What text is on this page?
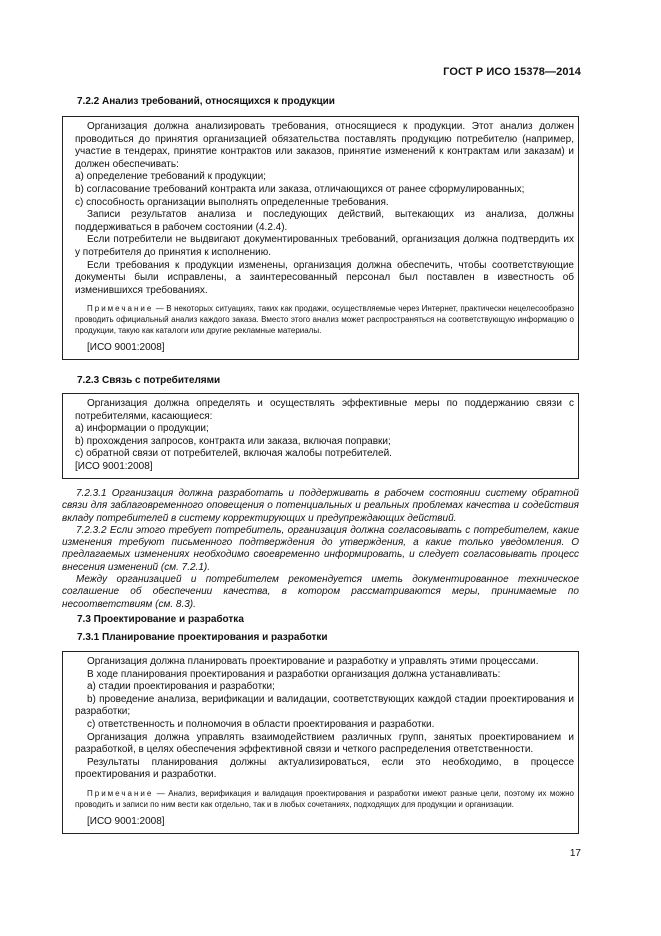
ГОСТ Р ИСО 15378—2014
7.2.2 Анализ требований, относящихся к продукции

Организация должна анализировать требования, относящиеся к продукции. Этот анализ должен проводиться до принятия организацией обязательства поставлять продукцию потребителю (например, участие в тендерах, принятие контрактов или заказов, принятие изменений к контрактам или заказам) и должен обеспечивать:

a) определение требований к продукции;

b) согласование требований контракта или заказа, отличающихся от ранее сформулированных;

c) способность организации выполнять определенные требования.

Записи результатов анализа и последующих действий, вытекающих из анализа, должны поддерживаться в рабочем состоянии (4.2.4).

Если потребители не выдвигают документированных требований, организация должна подтвердить их у потребителя до принятия к исполнению.

Если требования к продукции изменены, организация должна обеспечить, чтобы соответствующие документы были исправлены, а заинтересованный персонал был поставлен в известность об изменившихся требованиях.

Примечание — В некоторых ситуациях, таких как продажи, осуществляемые через Интернет, практически нецелесообразно проводить официальный анализ каждого заказа. Вместо этого анализ может распространяться на соответствующую информацию о продукции, такую как каталоги или другие рекламные материалы.

[ИСО 9001:2008]

7.2.3 Связь с потребителями

Организация должна определять и осуществлять эффективные меры по поддержанию связи с потребителями, касающиеся:

a) информации о продукции;

b) прохождения запросов, контракта или заказа, включая поправки;

c) обратной связи от потребителей, включая жалобы потребителей.

[ИСО 9001:2008]

7.2.3.1 Организация должна разработать и поддерживать в рабочем состоянии систему обратной связи для заблаговременного оповещения о потенциальных и реальных проблемах качества и содействия вкладу потребителей в систему корректирующих и предупреждающих действий.

7.2.3.2 Если этого требует потребитель, организация должна согласовывать с потребителем, какие изменения требуют письменного подтверждения до утверждения, а какие только уведомления. О предлагаемых изменениях необходимо своевременно информировать, и следует согласовывать процесс внесения изменений (см. 7.2.1).

Между организацией и потребителем рекомендуется иметь документированное техническое соглашение об обеспечении качества, в котором рассматриваются меры, принимаемые по несоответствиям (см. 8.3).

7.3 Проектирование и разработка
7.3.1 Планирование проектирования и разработки

Организация должна планировать проектирование и разработку и управлять этими процессами.

В ходе планирования проектирования и разработки организация должна устанавливать:

a) стадии проектирования и разработки;

b) проведение анализа, верификации и валидации, соответствующих каждой стадии проектирования и разработки;

c) ответственность и полномочия в области проектирования и разработки.

Организация должна управлять взаимодействием различных групп, занятых проектированием и разработкой, в целях обеспечения эффективной связи и четкого распределения ответственности.

Результаты планирования должны актуализироваться, если это необходимо, в процессе проектирования и разработки.

Примечание — Анализ, верификация и валидация проектирования и разработки имеют разные цели, поэтому их можно проводить и записи по ним вести как отдельно, так и в любых сочетаниях, подходящих для продукции и организации.

[ИСО 9001:2008]

17
